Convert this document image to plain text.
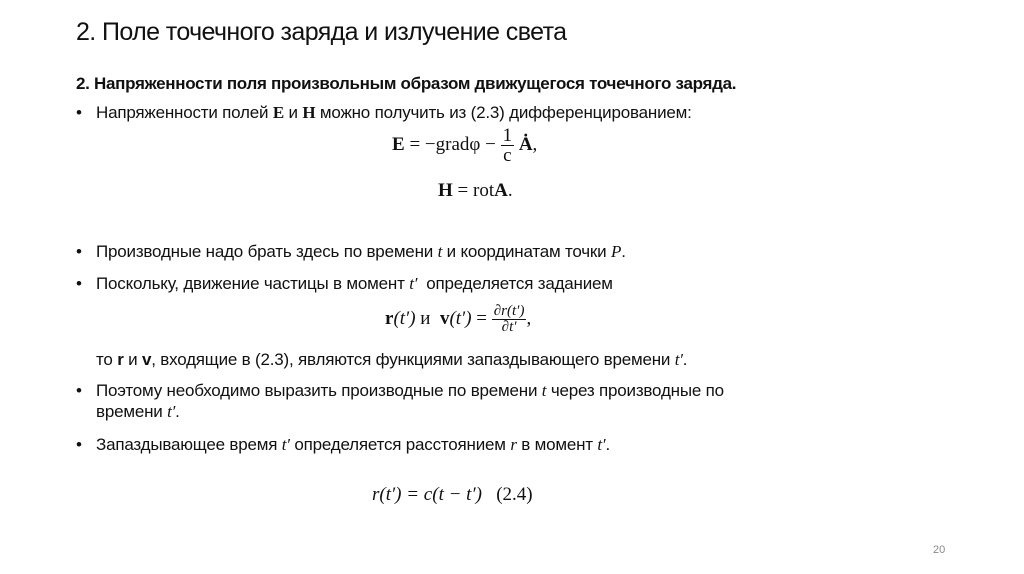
2. Поле точечного заряда и излучение света
2. Напряженности поля произвольным образом движущегося точечного заряда.
• Напряженности полей E и H можно получить из (2.3) дифференцированием:
E = −gradφ − $\frac{1}{c}$ Ȧ,
H = rotA.
• Производные надо брать здесь по времени t и координатам точки P.
• Поскольку, движение частицы в момент t′  определяется заданием
r(t′) и  $v(t') = \frac{\partial r(t')}{\partial t'}$ ,
то r и v, входящие в (2.3), являются функциями запаздывающего времени t′.
• Поэтому необходимо выразить производные по времени t через производные по
времени t′.
• Запаздывающее время t′ определяется расстоянием r в момент t′.
r(t′) = c(t − t′) (2.4)
20
